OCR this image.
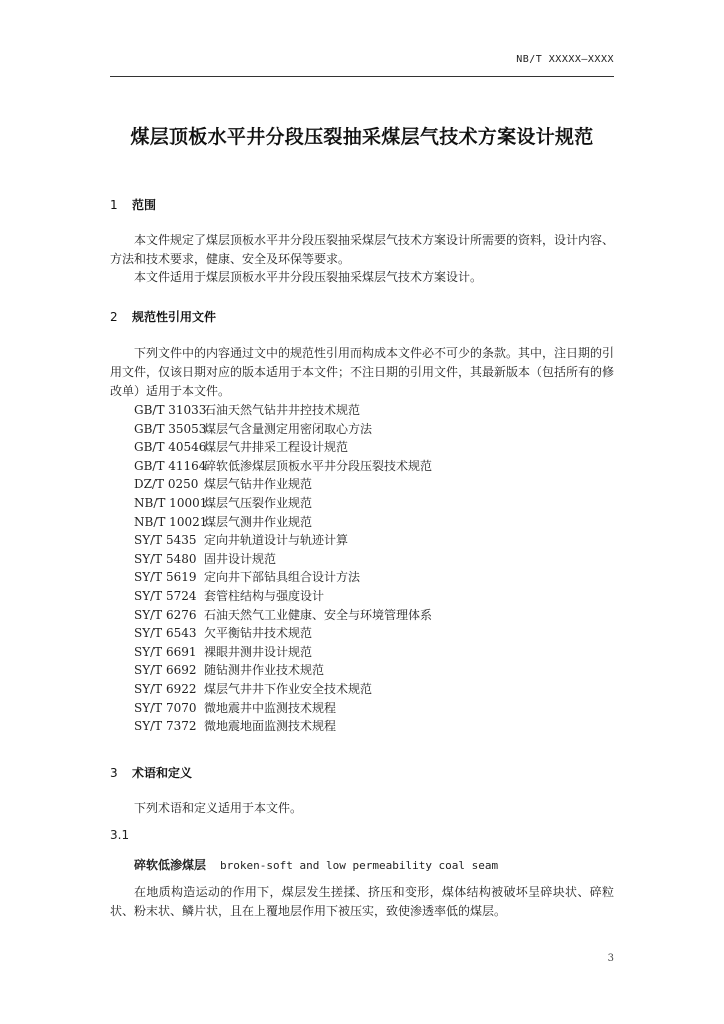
NB/T XXXXX—XXXX
煤层顶板水平井分段压裂抽采煤层气技术方案设计规范
1 范围

本文件规定了煤层顶板水平井分段压裂抽采煤层气技术方案设计所需要的资料，设计内容、方法和技术要求，健康、安全及环保等要求。

本文件适用于煤层顶板水平井分段压裂抽采煤层气技术方案设计。
2 规范性引用文件

下列文件中的内容通过文中的规范性引用而构成本文件必不可少的条款。其中，注日期的引用文件，仅该日期对应的版本适用于本文件；不注日期的引用文件，其最新版本（包括所有的修改单）适用于本文件。

GB/T 31033石油天然气钻井井控技术规范
GB/T 35053煤层气含量测定用密闭取心方法
GB/T 40546煤层气井排采工程设计规范
GB/T 41164碎软低渗煤层顶板水平井分段压裂技术规范
DZ/T 0250 煤层气钻井作业规范
NB/T 10001煤层气压裂作业规范
NB/T 10021煤层气测井作业规范
SY/T 5435 定向井轨道设计与轨迹计算
SY/T 5480 固井设计规范
SY/T 5619 定向井下部钻具组合设计方法
SY/T 5724 套管柱结构与强度设计
SY/T 6276 石油天然气工业健康、安全与环境管理体系
SY/T 6543 欠平衡钻井技术规范
SY/T 6691 裸眼井测井设计规范
SY/T 6692 随钻测井作业技术规范
SY/T 6922 煤层气井井下作业安全技术规范
SY/T 7070 微地震井中监测技术规程
SY/T 7372 微地震地面监测技术规程
3 术语和定义
下列术语和定义适用于本文件。
3.1
碎软低渗煤层 broken-soft and low permeability coal seam

在地质构造运动的作用下，煤层发生搓揉、挤压和变形，煤体结构被破坏呈碎块状、碎粒状、粉末状、鳞片状，且在上覆地层作用下被压实，致使渗透率低的煤层。

3
